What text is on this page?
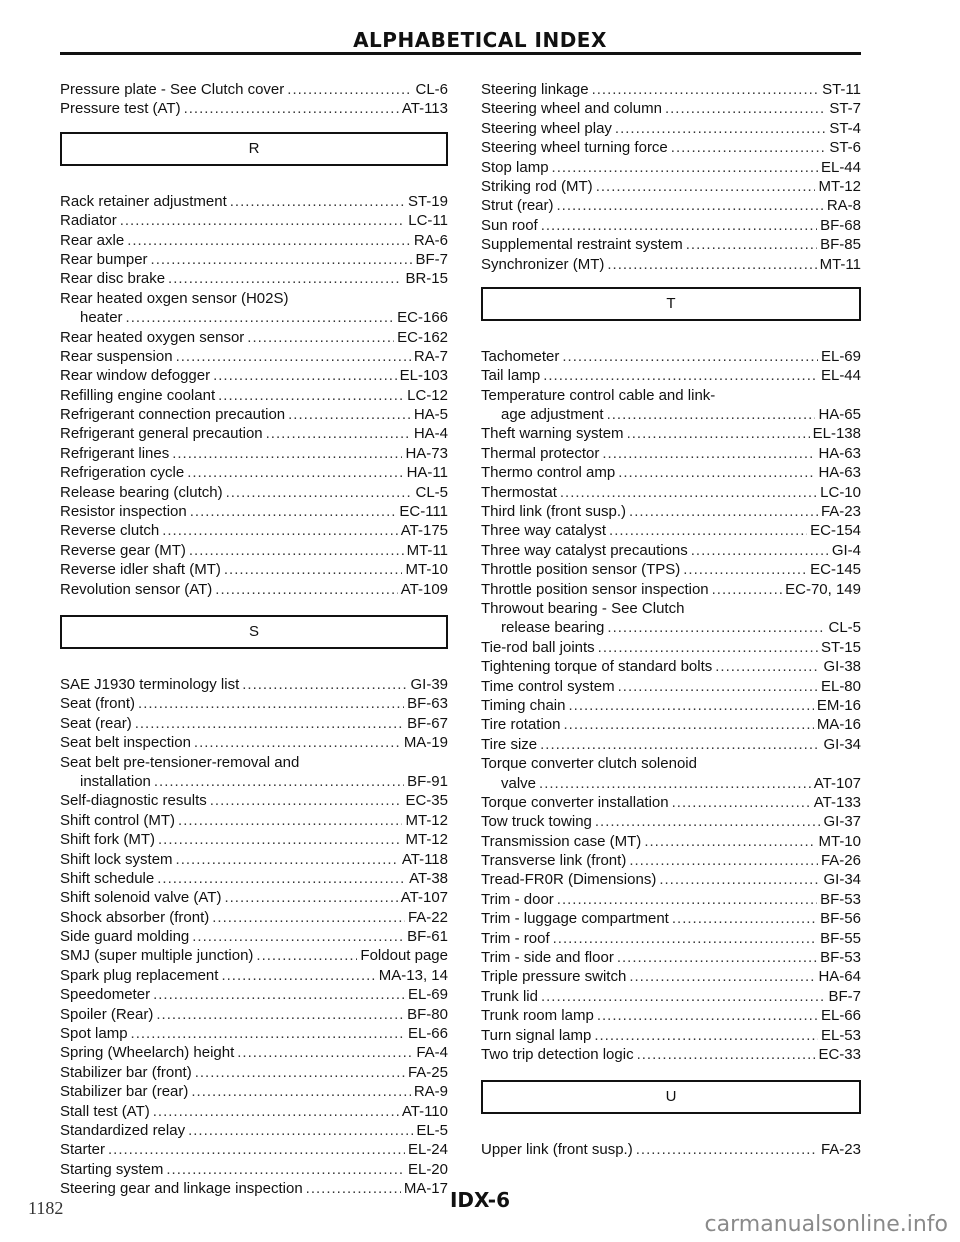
ALPHABETICAL INDEX
Pressure plate - See Clutch cover .....	CL-6
Pressure test (AT) .....	AT-113
R
Rack retainer adjustment .....	ST-19
Radiator .....	LC-11
Rear axle .....	RA-6
Rear bumper .....	BF-7
Rear disc brake .....	BR-15
Rear heated oxgen sensor (H02S)
heater .....	EC-166
Rear heated oxygen sensor .....	EC-162
Rear suspension .....	RA-7
Rear window defogger .....	EL-103
Refilling engine coolant .....	LC-12
Refrigerant connection precaution .....	HA-5
Refrigerant general precaution .....	HA-4
Refrigerant lines .....	HA-73
Refrigeration cycle .....	HA-11
Release bearing (clutch) .....	CL-5
Resistor inspection .....	EC-111
Reverse clutch .....	AT-175
Reverse gear (MT) .....	MT-11
Reverse idler shaft (MT) .....	MT-10
Revolution sensor (AT) .....	AT-109
S
SAE J1930 terminology list .....	GI-39
Seat (front) .....	BF-63
Seat (rear) .....	BF-67
Seat belt inspection .....	MA-19
Seat belt pre-tensioner-removal and
installation .....	BF-91
Self-diagnostic results .....	EC-35
Shift control (MT) .....	MT-12
Shift fork (MT) .....	MT-12
Shift lock system .....	AT-118
Shift schedule .....	AT-38
Shift solenoid valve (AT) .....	AT-107
Shock absorber (front) .....	FA-22
Side guard molding .....	BF-61
SMJ (super multiple junction) .....	Foldout page
Spark plug replacement .....	MA-13, 14
Speedometer .....	EL-69
Spoiler (Rear) .....	BF-80
Spot lamp .....	EL-66
Spring (Wheelarch) height .....	FA-4
Stabilizer bar (front) .....	FA-25
Stabilizer bar (rear) .....	RA-9
Stall test (AT) .....	AT-110
Standardized relay .....	EL-5
Starter .....	EL-24
Starting system .....	EL-20
Steering gear and linkage inspection .....	MA-17
Steering linkage .....	ST-11
Steering wheel and column .....	ST-7
Steering wheel play .....	ST-4
Steering wheel turning force .....	ST-6
Stop lamp .....	EL-44
Striking rod (MT) .....	MT-12
Strut (rear) .....	RA-8
Sun roof .....	BF-68
Supplemental restraint system .....	BF-85
Synchronizer (MT) .....	MT-11
T
Tachometer .....	EL-69
Tail lamp .....	EL-44
Temperature control cable and link-
age adjustment .....	HA-65
Theft warning system .....	EL-138
Thermal protector .....	HA-63
Thermo control amp .....	HA-63
Thermostat .....	LC-10
Third link (front susp.) .....	FA-23
Three way catalyst .....	EC-154
Three way catalyst precautions .....	GI-4
Throttle position sensor (TPS) .....	EC-145
Throttle position sensor inspection .....	EC-70, 149
Throwout bearing - See Clutch
release bearing .....	CL-5
Tie-rod ball joints .....	ST-15
Tightening torque of standard bolts .....	GI-38
Time control system .....	EL-80
Timing chain .....	EM-16
Tire rotation .....	MA-16
Tire size .....	GI-34
Torque converter clutch solenoid
valve .....	AT-107
Torque converter installation .....	AT-133
Tow truck towing .....	GI-37
Transmission case (MT) .....	MT-10
Transverse link (front) .....	FA-26
Tread-FR0R (Dimensions) .....	GI-34
Trim - door .....	BF-53
Trim - luggage compartment .....	BF-56
Trim - roof .....	BF-55
Trim - side and floor .....	BF-53
Triple pressure switch .....	HA-64
Trunk lid .....	BF-7
Trunk room lamp .....	EL-66
Turn signal lamp .....	EL-53
Two trip detection logic .....	EC-33
U
Upper link (front susp.) .....	FA-23
1182	IDX-6
carmanualsonline.info
